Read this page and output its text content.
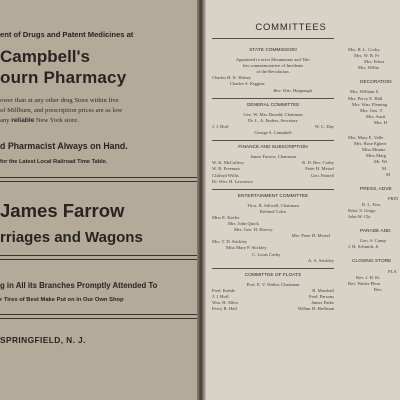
ent of Drugs and Patent Medicines at
Campbell's
ourn Pharmacy
ower than at any other drug Store within five
of Millburn, and prescription prices are as low
any reliable New York store.
d Pharmacist Always on Hand.
for the Latest Local Railroad Time Table.
James Farrow
rriages and Wagons
g in All its Branches Promptly Attended To
r Tires of Best Make Put on in Our Own Shop
SPRINGFIELD, N. J.
COMMITTEES
STATE COMMISSION
Appointed to erect Monuments and Tab-
lets commemorative of Incidents
of the Revolution.
Charles H. K. Halsey
Charles S. Kiggins
Rev. Wm. Hoppaugh
GENERAL COMMITTEE
Geo. W. Mac Donald, Chairman
Dr. L. A. Enders, Secretary
J. J. Hoff	W. C. Day
George S. Campbell
FINANCE AND SUBSCRIPTION
James Farrow, Chairman
W. K. McCaffrey	R. D. Rev. Corby
W. R. Freeman	Peter H. Meisel
Clifford Willis	Geo. Parnell
Dr. Wm. H. Lawrence
ENTERTAINMENT COMMITTEE
Thos. R. Stilwell, Chairman
Refined Color
Miss E. Keeler
Mrs. John Quick
Mrs. Geo. H. Harvey
Mrs. Peter H. Meisel
Mrs. T. D. Stickley
Miss Mary P. Stickley
C. Louis Corby
A. A. Stickley
COMMITTEE OF FLOATS
Prof. E. V. Walter, Chairman
Fred. Kohde	R. Marshall
J. J. Hoff	Fred. Parsons
Wm. H. Allen	James Parke
Percy R. Hall	Wilbur H. Hoffman
Mrs. R. L. Corby
Mrs. W. R. Fr
Mrs. Edwa
Mrs. Willia
DECORATION
Mrs. William S.
Mrs. Percy E. Hall
Mrs. Wm. Fleming
Mrs. Geo. T
Mrs. Austi
Mrs. H
Mrs. Mary E. Valle
Mrs. Rose Egbert
Miss Minnie
Miss Marg
Mr. Wi
M
M
PRESS, ADVE
PRIN
R. L. Fres
Robt. S. Grego
John W. Cla
PARADE AND
Geo. S. Camp
J. H. Schmidt, Jr
CLOSING STORE
PLA
Rev. J. H. Ki
Rev. Walter Pleas
Rev.
